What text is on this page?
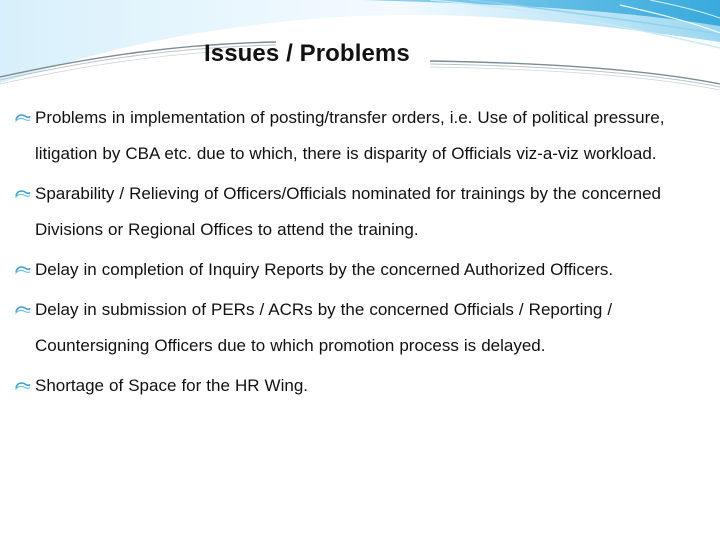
Issues / Problems
Problems in implementation of posting/transfer orders, i.e. Use of political pressure, litigation by CBA etc. due to which, there is disparity of Officials viz-a-viz workload.
Sparability / Relieving of Officers/Officials nominated for trainings by the concerned Divisions or Regional Offices to attend the training.
Delay in completion of Inquiry Reports by the concerned Authorized Officers.
Delay in submission of PERs / ACRs by the concerned Officials / Reporting / Countersigning Officers due to which promotion process is delayed.
Shortage of Space for the HR Wing.
